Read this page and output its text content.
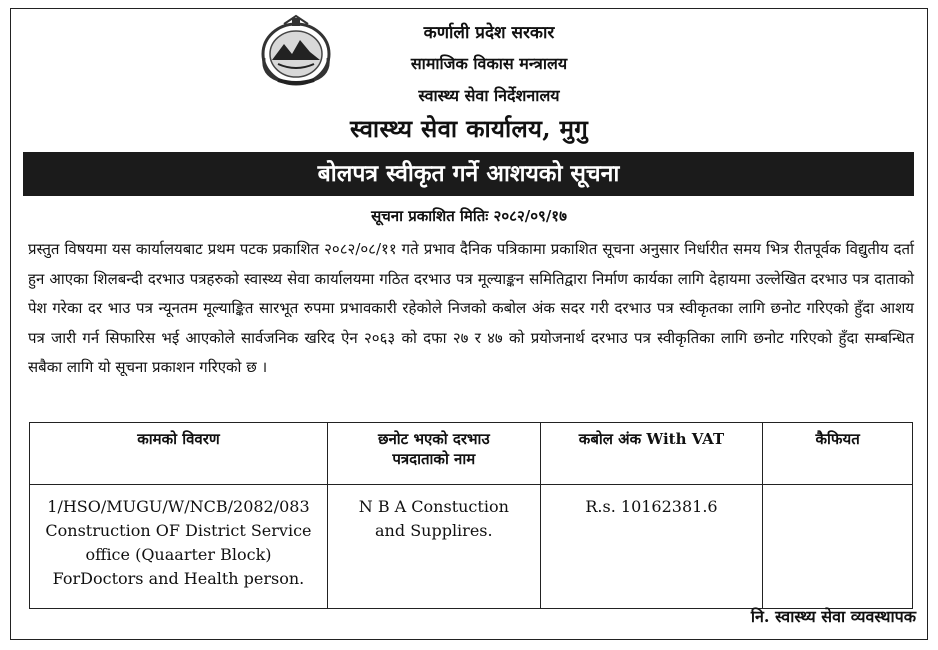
कर्णाली प्रदेश सरकार
सामाजिक विकास मन्त्रालय
स्वास्थ्य सेवा निर्देशनालय
स्वास्थ्य सेवा कार्यालय, मुगु
बोलपत्र स्वीकृत गर्ने आशयको सूचना
सूचना प्रकाशित मितिः २०८२/०९/१७
प्रस्तुत विषयमा यस कार्यालयबाट प्रथम पटक प्रकाशित २०८२/०८/११ गते प्रभाव दैनिक पत्रिकामा प्रकाशित सूचना अनुसार निर्धारीत समय भित्र रीतपूर्वक विद्युतीय दर्ता हुन आएका शिलबन्दी दरभाउ पत्रहरुको स्वास्थ्य सेवा कार्यालयमा गठित दरभाउ पत्र मूल्याङ्कन समितिद्वारा निर्माण कार्यका लागि देहायमा उल्लेखित दरभाउ पत्र दाताको पेश गरेका दर भाउ पत्र न्यूनतम मूल्याङ्कित सारभूत रुपमा प्रभावकारी रहेकोले निजको कबोल अंक सदर गरी दरभाउ पत्र स्वीकृतका लागि छनोट गरिएको हुँदा आशय पत्र जारी गर्न सिफारिस भई आएकोले सार्वजनिक खरिद ऐन २०६३ को दफा २७ र ४७ को प्रयोजनार्थ दरभाउ पत्र स्वीकृतिका लागि छनोट गरिएको हुँदा सम्बन्धित सबैका लागि यो सूचना प्रकाशन गरिएको छ ।
कामको विवरण	छनोट भएको दरभाउ पत्रदाताको नाम	कबोल अंक With VAT	कैफियत
1/HSO/MUGU/W/NCB/2082/083 Construction OF District Service office (Quaarter Block) ForDoctors and Health person.	N B A Constuction and Supplires.	R.s. 10162381.6	
नि. स्वास्थ्य सेवा व्यवस्थापक
